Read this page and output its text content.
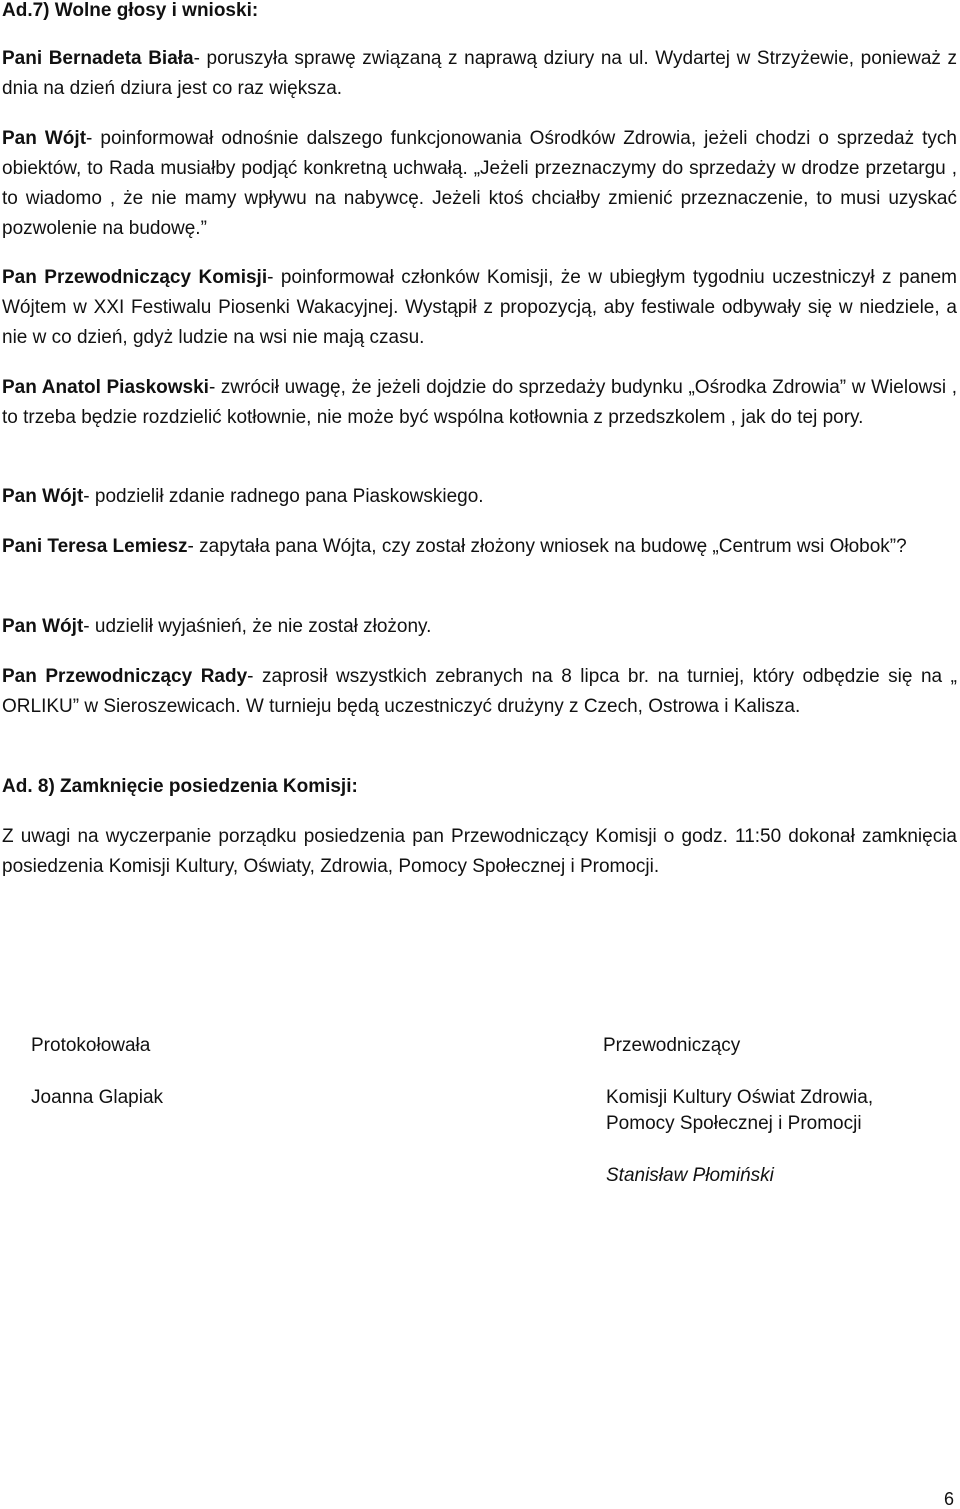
Ad.7) Wolne głosy i wnioski:

Pani Bernadeta Biała- poruszyła sprawę związaną z naprawą dziury na ul. Wydartej w Strzyżewie, ponieważ z dnia na dzień dziura jest co raz większa.

Pan Wójt- poinformował odnośnie dalszego funkcjonowania Ośrodków Zdrowia, jeżeli chodzi o sprzedaż tych obiektów, to Rada musiałby podjąć konkretną uchwałą. „Jeżeli przeznaczymy do sprzedaży w drodze przetargu , to wiadomo , że nie mamy wpływu na nabywcę. Jeżeli ktoś chciałby zmienić przeznaczenie, to musi uzyskać pozwolenie na budowę.”

Pan Przewodniczący Komisji- poinformował członków Komisji, że w ubiegłym tygodniu uczestniczył z panem Wójtem w XXI Festiwalu Piosenki Wakacyjnej. Wystąpił z propozycją, aby festiwale odbywały się w niedziele, a nie w co dzień, gdyż ludzie na wsi nie mają czasu.

Pan Anatol Piaskowski- zwrócił uwagę, że jeżeli dojdzie do sprzedaży budynku „Ośrodka Zdrowia” w Wielowsi , to trzeba będzie rozdzielić kotłownie, nie może być wspólna kotłownia z przedszkolem , jak do tej pory.

Pan Wójt- podzielił zdanie radnego pana Piaskowskiego.

Pani Teresa Lemiesz- zapytała pana Wójta, czy został złożony wniosek na budowę „Centrum wsi Ołobok”?

Pan Wójt- udzielił wyjaśnień, że nie został złożony.

Pan Przewodniczący Rady- zaprosił wszystkich zebranych na 8 lipca br. na turniej, który odbędzie się na „ ORLIKU” w Sieroszewicach. W turnieju będą uczestniczyć drużyny z Czech, Ostrowa i Kalisza.

Ad. 8) Zamknięcie posiedzenia Komisji:

Z uwagi na wyczerpanie porządku posiedzenia pan Przewodniczący Komisji o godz. 11:50 dokonał zamknięcia posiedzenia Komisji Kultury, Oświaty, Zdrowia, Pomocy Społecznej i Promocji.

Protokołowała

Joanna Glapiak

Przewodniczący

Komisji Kultury Oświat Zdrowia,

Pomocy Społecznej i Promocji

Stanisław Płomiński

6
